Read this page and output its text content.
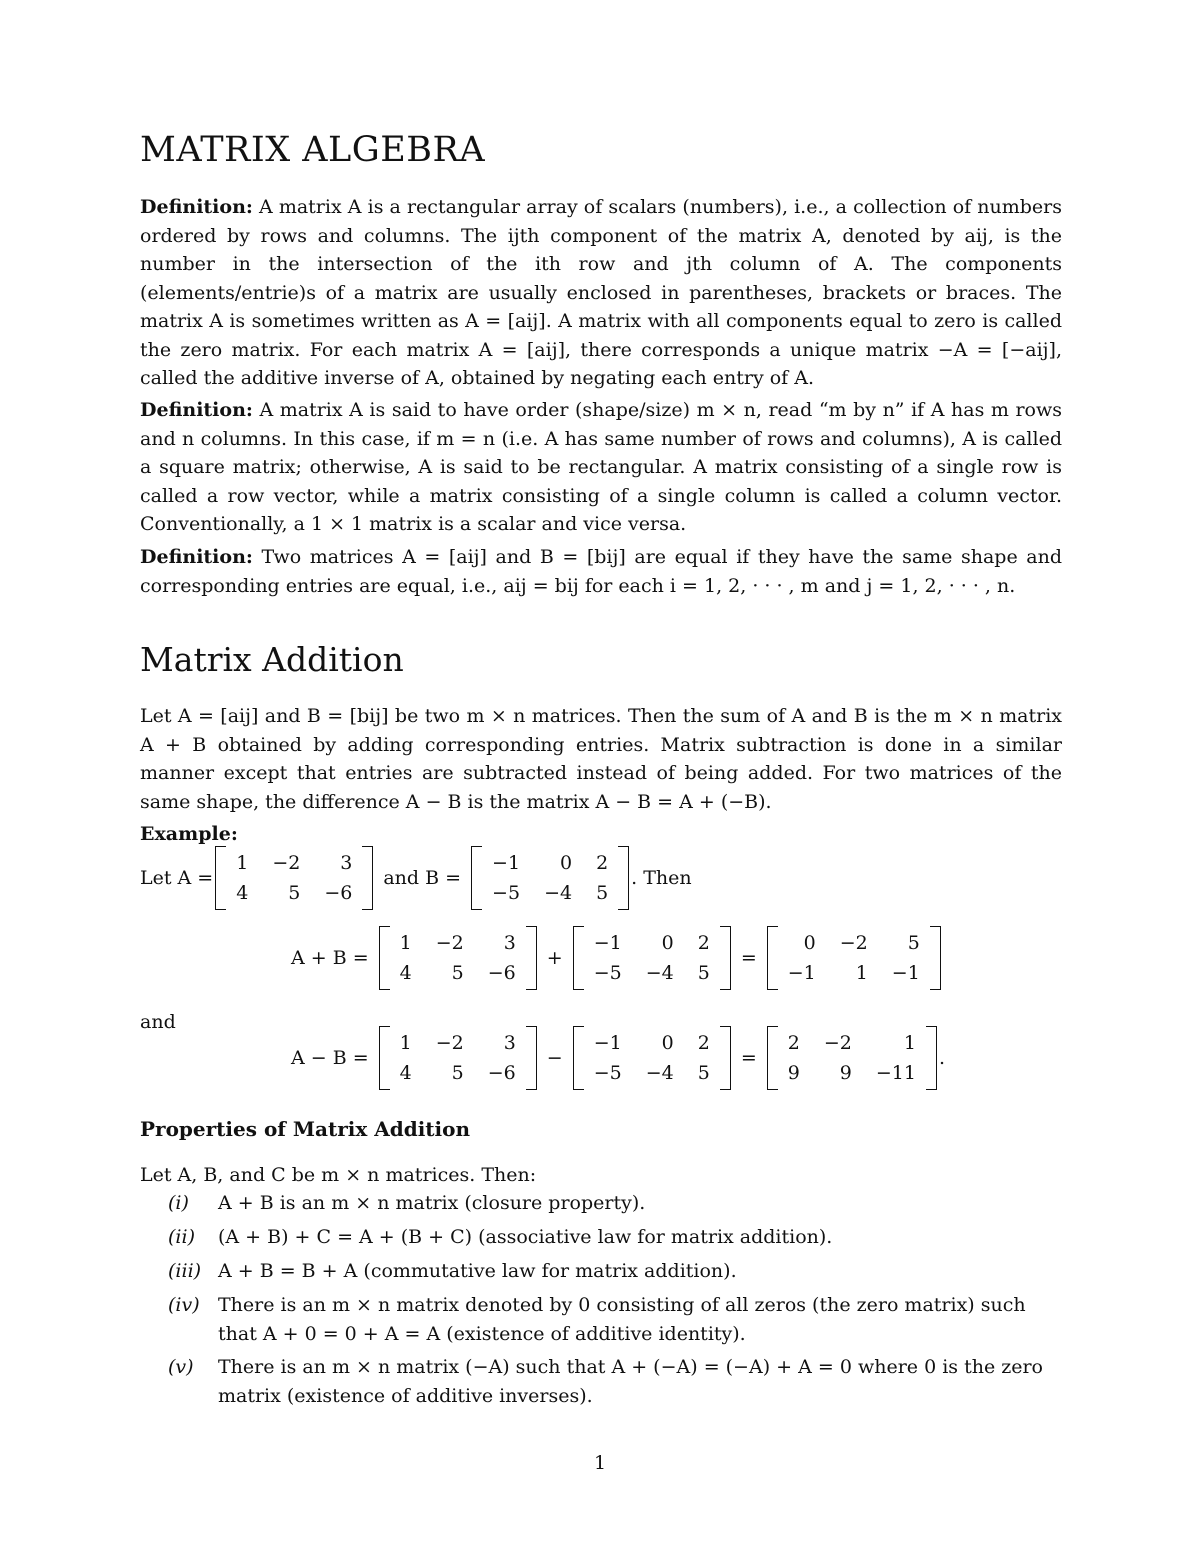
MATRIX ALGEBRA
Definition: A matrix A is a rectangular array of scalars (numbers), i.e., a collection of numbers ordered by rows and columns. The ijth component of the matrix A, denoted by aij, is the number in the intersection of the ith row and jth column of A. The components (elements/entrie)s of a matrix are usually enclosed in parentheses, brackets or braces. The matrix A is sometimes written as A = [aij]. A matrix with all components equal to zero is called the zero matrix. For each matrix A = [aij], there corresponds a unique matrix −A = [−aij], called the additive inverse of A, obtained by negating each entry of A.
Definition: A matrix A is said to have order (shape/size) m × n, read “m by n” if A has m rows and n columns. In this case, if m = n (i.e. A has same number of rows and columns), A is called a square matrix; otherwise, A is said to be rectangular. A matrix consisting of a single row is called a row vector, while a matrix consisting of a single column is called a column vector. Conventionally, a 1 × 1 matrix is a scalar and vice versa.
Definition: Two matrices A = [aij] and B = [bij] are equal if they have the same shape and corresponding entries are equal, i.e., aij = bij for each i = 1, 2, · · · , m and j = 1, 2, · · · , n.
Matrix Addition
Let A = [aij] and B = [bij] be two m × n matrices. Then the sum of A and B is the m × n matrix A + B obtained by adding corresponding entries. Matrix subtraction is done in a similar manner except that entries are subtracted instead of being added. For two matrices of the same shape, the difference A − B is the matrix A − B = A + (−B).
Example:
Let A =
1 −2	3
4	5 −6
and B =
−1	0 2
−5 −4 5
. Then
A + B =
1 −2	3
4	5 −6
+
−1	0 2
−5 −4 5
=
0 −2	5
−1	1 −1
and
A − B =
1 −2	3
4	5 −6
−
−1	0 2
−5 −4 5
=
2 −2	1
9	9 −11
.
Properties of Matrix Addition
Let A, B, and C be m × n matrices. Then:
(i) A + B is an m × n matrix (closure property).
(ii) (A + B) + C = A + (B + C) (associative law for matrix addition).
(iii) A + B = B + A (commutative law for matrix addition).
(iv) There is an m × n matrix denoted by 0 consisting of all zeros (the zero matrix) such that A + 0 = 0 + A = A (existence of additive identity).
(v) There is an m × n matrix (−A) such that A + (−A) = (−A) + A = 0 where 0 is the zero matrix (existence of additive inverses).
1
